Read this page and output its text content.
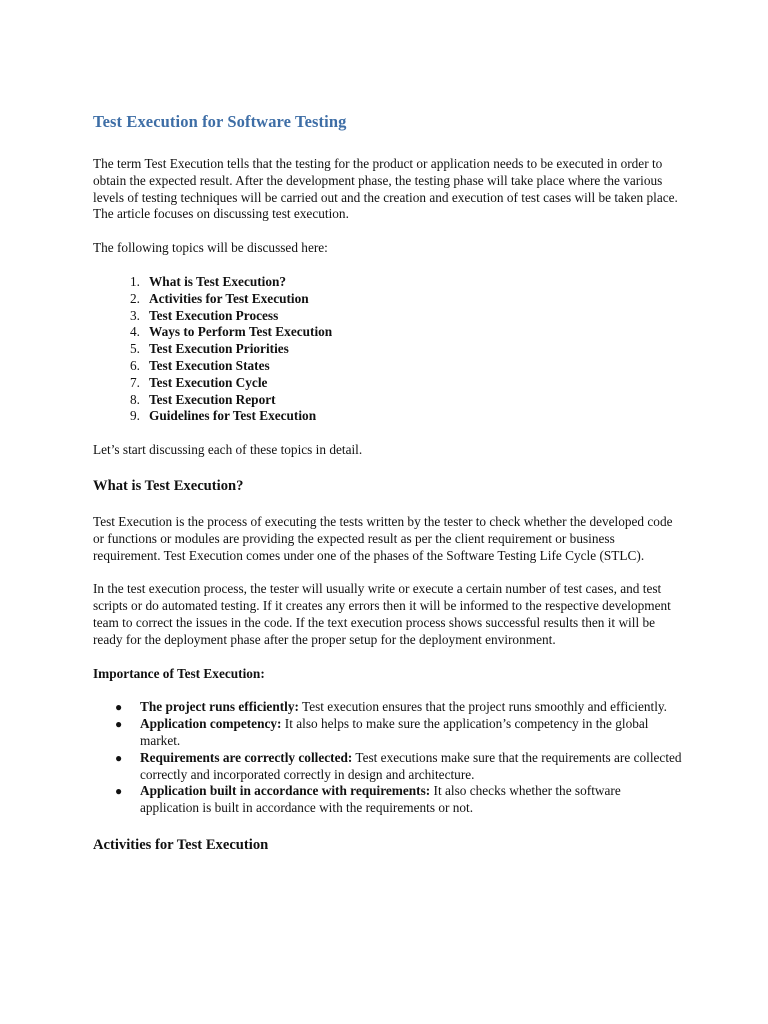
Test Execution for Software Testing

The term Test Execution tells that the testing for the product or application needs to be executed in order to obtain the expected result. After the development phase, the testing phase will take place where the various levels of testing techniques will be carried out and the creation and execution of test cases will be taken place. The article focuses on discussing test execution.

The following topics will be discussed here:

1. What is Test Execution?
2. Activities for Test Execution
3. Test Execution Process
4. Ways to Perform Test Execution
5. Test Execution Priorities
6. Test Execution States
7. Test Execution Cycle
8. Test Execution Report
9. Guidelines for Test Execution

Let’s start discussing each of these topics in detail.

What is Test Execution?

Test Execution is the process of executing the tests written by the tester to check whether the developed code or functions or modules are providing the expected result as per the client requirement or business requirement. Test Execution comes under one of the phases of the Software Testing Life Cycle (STLC).

In the test execution process, the tester will usually write or execute a certain number of test cases, and test scripts or do automated testing. If it creates any errors then it will be informed to the respective development team to correct the issues in the code. If the text execution process shows successful results then it will be ready for the deployment phase after the proper setup for the deployment environment.

Importance of Test Execution:

●	The project runs efficiently: Test execution ensures that the project runs smoothly and efficiently.
●	Application competency: It also helps to make sure the application’s competency in the global market.
●	Requirements are correctly collected: Test executions make sure that the requirements are collected correctly and incorporated correctly in design and architecture.
●	Application built in accordance with requirements: It also checks whether the software application is built in accordance with the requirements or not.
Activities for Test Execution
